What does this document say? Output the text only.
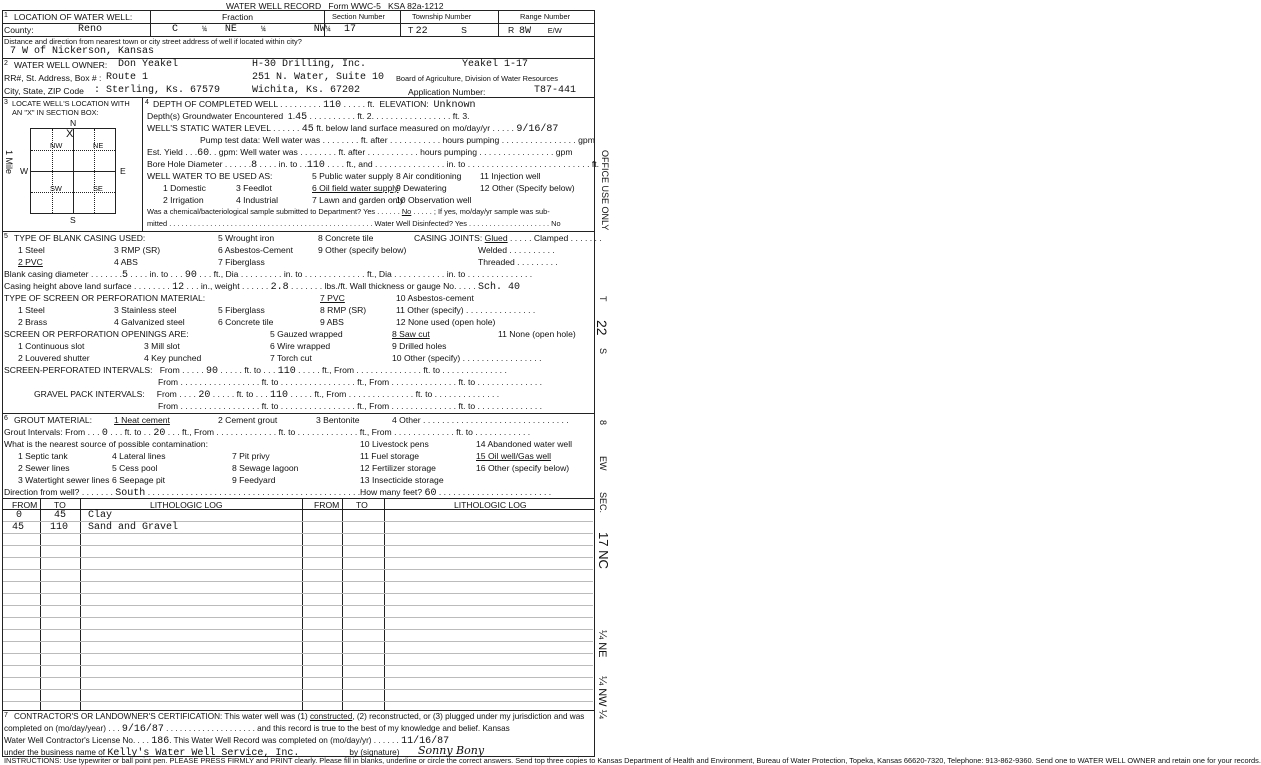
WATER WELL RECORD Form WWC-5 KSA 82a-1212
1 LOCATION OF WATER WELL:	Fraction	Section Number	Township Number	Range Number
County:	Reno	C	¼ NE	¼	NW¼ 17	T 22	S	R 8W E/W
Distance and direction from nearest town or city street address of well if located within city?
7 W of Nickerson, Kansas
2 WATER WELL OWNER: Don Yeakel	H-30 Drilling, Inc.	Yeakel 1-17
RR#, St. Address, Box # : Route 1	251 N. Water, Suite 10 Board of Agriculture, Division of Water Resources
City, State, ZIP Code : Sterling, Ks. 67579	Wichita, Ks. 67202	Application Number:	T87-441
3 LOCATE WELL'S LOCATION WITH AN "X" IN SECTION BOX:
N
S
W	E
X
NW	NE
SW	SE
1 Mile
4 DEPTH OF COMPLETED WELL . . . . . . . . . 110 . . . . . ft. ELEVATION: Unknown
Depth(s) Groundwater Encountered 1.45 . . . . . . . . . . ft. 2. . . . . . . . . . . . . . . . . ft. 3.
WELL'S STATIC WATER LEVEL . . . . . . 45 ft. below land surface measured on mo/day/yr . . . . . 9/16/87
Pump test data: Well water was . . . . . . . . ft. after . . . . . . . . . . . hours pumping . . . . . . . . . . . . . . . . gpm
Est. Yield . . .60. . gpm: Well water was . . . . . . . . ft. after . . . . . . . . . . . hours pumping . . . . . . . . . . . . . . . . gpm
Bore Hole Diameter . . . . . .8 . . . . in. to . .110 . . . . ft., and . . . . . . . . . . . . . . . in. to . . . . . . . . . . . . . . . . . . . . . . . . . . ft.
WELL WATER TO BE USED AS:	5 Public water supply 8 Air conditioning 11 Injection well
1 Domestic	3 Feedlot	6 Oil field water supply
9 Dewatering	12 Other (Specify below)
2 Irrigation	4 Industrial	7 Lawn and garden only
10 Observation well
Was a chemical/bacteriological sample submitted to Department? Yes . . . . . . No . . . . . ; If yes, mo/day/yr sample was sub-
mitted . . . . . . . . . . . . . . . . . . . . . . . . . . . . . . . . . . . . . . . . . . . . . . . . . . Water Well Disinfected? Yes . . . . . . . . . . . . . . . . . . . . No
5 TYPE OF BLANK CASING USED:	5 Wrought iron	8 Concrete tile	CASING JOINTS: Glued . . . . . Clamped . . . . . . .
1 Steel	3 RMP (SR)	6 Asbestos-Cement	9 Other (specify below)	Welded . . . . . . . . . .
2 PVC	4 ABS	7 Fiberglass	Threaded . . . . . . . . .
Blank casing diameter . . . . . . .5 . . . . in. to . . . 90 . . . ft., Dia . . . . . . . . . in. to . . . . . . . . . . . . . ft., Dia . . . . . . . . . . . in. to . . . . . . . . . . . . . .
Casing height above land surface . . . . . . . . 12 . . . in., weight . . . . . . 2.8 . . . . . . . lbs./ft. Wall thickness or gauge No. . . . . Sch. 40
TYPE OF SCREEN OR PERFORATION MATERIAL:	7 PVC	10 Asbestos-cement
1 Steel	3 Stainless steel	5 Fiberglass	8 RMP (SR)	11 Other (specify) . . . . . . . . . . . . . . .
2 Brass	4 Galvanized steel	6 Concrete tile	9 ABS	12 None used (open hole)
SCREEN OR PERFORATION OPENINGS ARE:	5 Gauzed wrapped	8 Saw cut	11 None (open hole)
1 Continuous slot	3 Mill slot	6 Wire wrapped	9 Drilled holes
2 Louvered shutter	4 Key punched	7 Torch cut	10 Other (specify) . . . . . . . . . . . . . . . . .
SCREEN-PERFORATED INTERVALS: From . . . . . 90 . . . . . ft. to . . . 110 . . . . . ft., From . . . . . . . . . . . . . . ft. to . . . . . . . . . . . . . .
From . . . . . . . . . . . . . . . . . ft. to . . . . . . . . . . . . . . . . ft., From . . . . . . . . . . . . . . ft. to . . . . . . . . . . . . . .
GRAVEL PACK INTERVALS: From . . . . 20 . . . . . ft. to . . . 110 . . . . . ft., From . . . . . . . . . . . . . . ft. to . . . . . . . . . . . . . .
From . . . . . . . . . . . . . . . . . ft. to . . . . . . . . . . . . . . . . ft., From . . . . . . . . . . . . . . ft. to . . . . . . . . . . . . . .
6 GROUT MATERIAL:	1 Neat cement	2 Cement grout	3 Bentonite	4 Other . . . . . . . . . . . . . . . . . . . . . . . . . . . . . . .
Grout Intervals: From . . . 0 . . . ft. to . . 20 . . . ft., From . . . . . . . . . . . . . ft. to . . . . . . . . . . . . . ft., From . . . . . . . . . . . . . ft. to . . . . . . . . . . . .
What is the nearest source of possible contamination:	10 Livestock pens	14 Abandoned water well
1 Septic tank	4 Lateral lines	7 Pit privy	11 Fuel storage	15 Oil well/Gas well
2 Sewer lines	5 Cess pool	8 Sewage lagoon	12 Fertilizer storage	16 Other (specify below)
3 Watertight sewer lines 6 Seepage pit	9 Feedyard	13 Insecticide storage
Direction from well? . . . . . . . South . . . . . . . . . . . . . . . . . . . . . . . . . . . . . . . . . . . . . . . . . . . . . . .
How many feet? 60 . . . . . . . . . . . . . . . . . . . . . . . .
FROM TO	LITHOLOGIC LOG	FROM TO	LITHOLOGIC LOG
0	45 Clay
45	110 Sand and Gravel
7 CONTRACTOR'S OR LANDOWNER'S CERTIFICATION: This water well was (1) constructed, (2) reconstructed, or (3) plugged under my jurisdiction and was
completed on (mo/day/year) . . . 9/16/87 . . . . . . . . . . . . . . . . . . . . and this record is true to the best of my knowledge and belief. Kansas
Water Well Contractor's License No. . . . 186. This Water Well Record was completed on (mo/day/yr) . . . . . . 11/16/87
under the business name of Kelly's Water Well Service, Inc.	by (signature) Sonny Bony
INSTRUCTIONS: Use typewriter or ball point pen. PLEASE PRESS FIRMLY and PRINT clearly. Please fill in blanks, underline or circle the correct answers. Send top three copies to Kansas Department of Health and Environment, Bureau of Water Protection, Topeka, Kansas 66620-7320, Telephone: 913-862-9360. Send one to WATER WELL OWNER and retain one for your records.
OFFICE USE ONLY
T
22
S
8
EW
SEC.
17 NC
¼ NE
¼ NW ¼
